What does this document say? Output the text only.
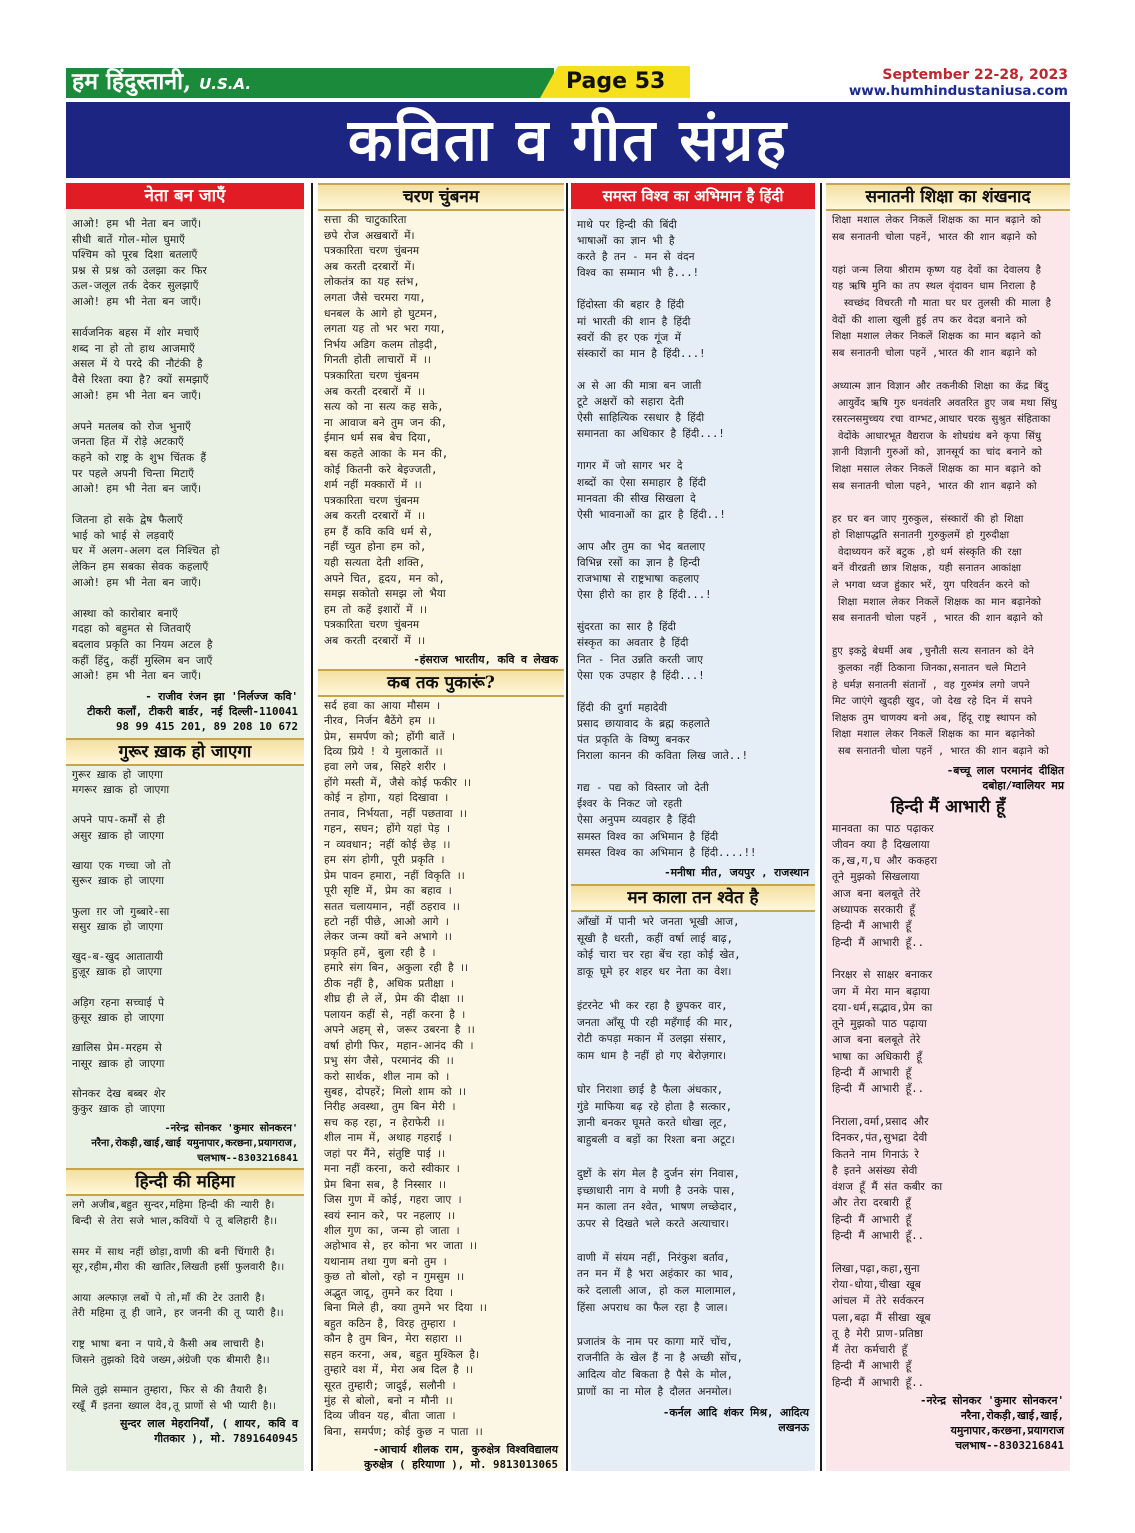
हम हिंदुस्तानी, U.S.A.	Page 53	September 22-28, 2023
www.humhindustaniusa.com
कविता व गीत संग्रह
नेता बन जाएँ
आओ! हम भी नेता बन जाएँ।
सीधी बातें गोल-मोल घुमाएँ
पश्चिम को पूरब दिशा बतलाएँ
प्रश्न से प्रश्न को उलझा कर फिर
ऊल-जलूल तर्क देकर सुलझाएँ
आओ! हम भी नेता बन जाएँ।

सार्वजनिक बहस में शोर मचाएँ
शब्द ना हो तो हाथ आजमाएँ
असल में ये परदे की नौटंकी है
वैसे रिश्ता क्या है? क्यों समझाएँ
आओ! हम भी नेता बन जाएँ।

अपने मतलब को रोज भुनाएँ
जनता हित में रोड़े अटकाएँ
कहने को राष्ट्र के शुभ चिंतक हैं
पर पहले अपनी चिन्ता मिटाएँ
आओ! हम भी नेता बन जाएँ।

जितना हो सके द्वेष फैलाएँ
भाई को भाई से लड़वाएँ
घर में अलग-अलग दल निश्चित हो
लेकिन हम सबका सेवक कहलाएँ
आओ! हम भी नेता बन जाएँ।

आस्था को कारोबार बनाएँ
गदहा को बहुमत से जितवाएँ
बदलाव प्रकृति का नियम अटल है
कहीं हिंदु, कहीं मुस्लिम बन जाएँ
आओ! हम भी नेता बन जाएँ।
- राजीव रंजन झा 'निर्लज्ज कवि'
टीकरी कलाँ, टीकरी बार्डर, नई दिल्ली-110041
98 99 415 201, 89 208 10 672
गुरूर ख़ाक हो जाएगा
गुरूर ख़ाक हो जाएगा
मगरूर ख़ाक हो जाएगा

अपने पाप-कर्मों से ही
असुर ख़ाक हो जाएगा

खाया एक गच्चा जो तो
सुरूर ख़ाक हो जाएगा

फुला ग़र जो गुब्बारे-सा
ससुर ख़ाक हो जाएगा

खुद-ब-खुद आतातायी
हुज़ूर ख़ाक हो जाएगा

अड़िग रहना सच्चाई पे
क़ुसूर ख़ाक हो जाएगा

ख़ालिस प्रेम-मरहम से
नासूर ख़ाक हो जाएगा

सोनकर देख बब्बर शेर
कुकुर ख़ाक हो जाएगा
-नरेन्द्र सोनकर 'कुमार सोनकरन'
नरैना,रोकड़ी,खाई,खाई यमुनापार,करछना,प्रयागराज,
चलभाष--8303216841
हिन्दी की महिमा
लगे अजीब,बहुत सुन्दर,महिमा हिन्दी की न्यारी है।
बिन्दी से तेरा सजे भाल,कवियों पे तू बलिहारी है।।

समर में साथ नहीं छोड़ा,वाणी की बनी चिंगारी है।
सूर,रहीम,मीरा की खातिर,लिखती हसीं फुलवारी है।।

आया अल्फाज़ लबों पे तो,माँ की टेर उतारी है।
तेरी महिमा तू ही जाने, हर जननी की तू प्यारी है।।

राष्ट्र भाषा बना न पाये,ये कैसी अब लाचारी है।
जिसने तुझको दिये जख्म,अंग्रेजी एक बीमारी है।।

मिले तुझे सम्मान तुम्हारा, फिर से की तैयारी है।
रखूँ मैं इतना ख्याल देव,तू प्राणों से भी प्यारी है।।
सुन्दर लाल मेहरानियाँ, ( शायर, कवि व
गीतकार ), मो. 7891640945
चरण चुंबनम
सत्ता की चाटुकारिता
छपे रोज अखबारों में।
पत्रकारिता चरण चुंबनम
अब करती दरबारों में।
लोकतंत्र का यह स्तंभ,
लगता जैसे चरमरा गया,
धनबल के आगे हो घुटमन,
लगता यह तो भर भरा गया,
निर्भय अडिग कलम तोड़दी,
गिनती होती लाचारों में ।।
पत्रकारिता चरण चुंबनम
अब करती दरबारों में ।।
सत्य को ना सत्य कह सके,
ना आवाज बने तुम जन की,
ईमान धर्म सब बेच दिया,
बस कहते आका के मन की,
कोई कितनी करे बेइज्जती,
शर्म नहीं मक्कारों में ।।
पत्रकारिता चरण चुंबनम
अब करती दरबारों में ।।
हम हैं कवि कवि धर्म से,
नहीं च्युत होना हम को,
यही सत्यता देती शक्ति,
अपने चित, हृदय, मन को,
समझ सकोतो समझ लो भैया
हम तो कहें इशारों में ।।
पत्रकारिता चरण चुंबनम
अब करती दरबारों में ।।
-हंसराज भारतीय, कवि व लेखक
कब तक पुकारूं?
सर्द हवा का आया मौसम ।
नीरव, निर्जन बैठेंगे हम ।।
प्रेम, समर्पण को; होंगी बातें ।
दिव्य प्रिये ! ये मुलाकातें ।।
हवा लगे जब, सिहरे शरीर ।
होंगे मस्ती में, जैसे कोई फकीर ।।
कोई न होगा, यहां दिखावा ।
तनाव, निर्भयता, नहीं पछतावा ।।
गहन, सघन; होंगे यहां पेड़ ।
न व्यवधान; नहीं कोई छेड़ ।।
हम संग होगी, पूरी प्रकृति ।
प्रेम पावन हमारा, नहीं विकृति ।।
पूरी सृष्टि में, प्रेम का बहाव ।
सतत चलायमान, नहीं ठहराव ।।
हटो नहीं पीछे, आओ आगे ।
लेकर जन्म क्यों बने अभागे ।।
प्रकृति हमें, बुला रही है ।
हमारे संग बिन, अकुला रही है ।।
ठीक नहीं है, अधिक प्रतीक्षा ।
शीघ्र ही ले लें, प्रेम की दीक्षा ।।
पलायन कहीं से, नहीं करना है ।
अपने अहम् से, जरूर उबरना है ।।
वर्षा होगी फिर, महान-आनंद की ।
प्रभु संग जैसे, परमानंद की ।।
करो सार्थक, शील नाम को ।
सुबह, दोपहरें; मिलो शाम को ।।
निरीह अवस्था, तुम बिन मेरी ।
सच कह रहा, न हेराफेरी ।।
शील नाम में, अथाह गहराई ।
जहां पर मैंने, संतुष्टि पाई ।।
मना नहीं करना, करो स्वीकार ।
प्रेम बिना सब, है निस्सार ।।
जिस गुण में कोई, गहरा जाए ।
स्वयं स्नान करे, पर नहलाए ।।
शील गुण का, जन्म हो जाता ।
अहोभाव से, हर कोना भर जाता ।।
यथानाम तथा गुण बनो तुम ।
कुछ तो बोलो, रहो न गुमसुम ।।
अद्भुत जादू, तुमने कर दिया ।
बिना मिले ही, क्या तुमने भर दिया ।।
बहुत कठिन है, विरह तुम्हारा ।
कौन है तुम बिन, मेरा सहारा ।।
सहन करना, अब, बहुत मुश्किल है।
तुम्हारे वश में, मेरा अब दिल है ।।
सूरत तुम्हारी; जादुई, सलौनी ।
मुंह से बोलो, बनो न मौनी ।।
दिव्य जीवन यह, बीता जाता ।
बिना, समर्पण; कोई कुछ न पाता ।।
-आचार्य शीलक राम, कुरुक्षेत्र विश्वविद्यालय
कुरुक्षेत्र ( हरियाणा ), मो. 9813013065
समस्त विश्व का अभिमान है हिंदी
माथे पर हिन्दी की बिंदी
भाषाओं का ज्ञान भी है
करते है तन - मन से वंदन
विश्व का सम्मान भी है...!

हिंदोस्ता की बहार है हिंदी
मां भारती की शान है हिंदी
स्वरों की हर एक गूंज में
संस्कारों का मान है हिंदी...!

अ से आ की मात्रा बन जाती
टूटे अक्षरों को सहारा देती
ऐसी साहित्यिक रसधार है हिंदी
समानता का अधिकार है हिंदी...!

गागर में जो सागर भर दे
शब्दों का ऐसा समाहार है हिंदी
मानवता की सीख सिखला दे
ऐसी भावनाओं का द्वार है हिंदी..!

आप और तुम का भेद बतलाए
विभिन्न रसों का ज्ञान है हिन्दी
राजभाषा से राष्ट्रभाषा कहलाए
ऐसा हीरो का हार है हिंदी...!

सुंदरता का सार है हिंदी
संस्कृत का अवतार है हिंदी
नित - नित उन्नति करती जाए
ऐसा एक उपहार है हिंदी...!

हिंदी की दुर्गा महादेवी
प्रसाद छायावाद के ब्रह्म कहलाते
पंत प्रकृति के विष्णु बनकर
निराला कानन की कविता लिख जाते..!

गद्य - पद्य को विस्तार जो देती
ईश्वर के निकट जो रहती
ऐसा अनुपम व्यवहार है हिंदी
समस्त विश्व का अभिमान है हिंदी
समस्त विश्व का अभिमान है हिंदी....!!
-मनीषा मीत, जयपुर , राजस्थान
मन काला तन श्वेत है
आँखों में पानी भरे जनता भूखी आज,
सूखी है धरती, कहीं वर्षा लाई बाढ़,
कोई चारा चर रहा बेंच रहा कोई खेत,
डाकू घूमे हर शहर धर नेता का वेश।

इंटरनेट भी कर रहा है छुपकर वार,
जनता आँसू पी रही महँगाई की मार,
रोटी कपड़ा मकान में उलझा संसार,
काम धाम है नहीं हो गए बेरोज़गार।

घोर निराशा छाई है फैला अंधकार,
गुंडे माफिया बढ़ रहे होता है सत्कार,
ज्ञानी बनकर घूमते करते धोखा लूट,
बाहुबली व बड़ों का रिश्ता बना अटूट।

दुष्टों के संग मेल है दुर्जन संग निवास,
इच्छाधारी नाग वे मणी है उनके पास,
मन काला तन श्वेत, भाषण लच्छेदार,
ऊपर से दिखते भले करते अत्याचार।

वाणी में संयम नहीं, निरंकुश बर्ताव,
तन मन में है भरा अहंकार का भाव,
करे दलाली आज, हो कल मालामाल,
हिंसा अपराध का फैल रहा है जाल।

प्रजातंत्र के नाम पर कागा मारें चोंच,
राजनीति के खेल हैं ना है अच्छी सोंच,
आदित्य वोट बिकता है पैसे के मोल,
प्राणों का ना मोल है दौलत अनमोल।
-कर्नल आदि शंकर मिश्र, आदित्य
लखनऊ
सनातनी शिक्षा का शंखनाद
शिक्षा मशाल लेकर निकलें शिक्षक का मान बढ़ाने को
सब सनातनी चोला पहनें, भारत की शान बढ़ाने को

यहां जन्म लिया श्रीराम कृष्ण यह देवों का देवालय है
यह ऋषि मुनि का तप स्थल वृंदावन धाम निराला है
स्वच्छंद विचरती गौ माता घर घर तुलसी की माला है
वेदों की शाला खुली हुई तप कर वेदज्ञ बनाने को
शिक्षा मशाल लेकर निकलें शिक्षक का मान बढ़ाने को
सब सनातनी चोला पहनें ,भारत की शान बढ़ाने को

अध्यात्म ज्ञान विज्ञान और तकनीकी शिक्षा का केंद्र बिंदु
आयुर्वेद ऋषि गुरु धनवंतरि अवतरित हुए जब मथा सिंधु
रसरत्नसमुच्चय रचा वाग्भट,आधार चरक सुश्रुत संहिताका
वेदोंके आधारभूत वैद्यराज के शोधग्रंथ बने कृपा सिंधु
ज्ञानी विज्ञानी गुरुओं को, ज्ञानसूर्य का चांद बनाने को
शिक्षा मसाल लेकर निकलें शिक्षक का मान बढ़ाने को
सब सनातनी चोला पहने, भारत की शान बढ़ाने को

हर घर बन जाए गुरुकुल, संस्कारों की हो शिक्षा
हो शिक्षापद्धति सनातनी गुरुकुलमें हो गुरुदीक्षा
वेदाध्ययन करें बटुक ,हो धर्म संस्कृति की रक्षा
बनें वीरव्रती छात्र शिक्षक, यही सनातन आकांक्षा
ले भगवा ध्वज हुंकार भरें, युग परिवर्तन करने को
शिक्षा मशाल लेकर निकलें शिक्षक का मान बढ़ानेको
सब सनातनी चोला पहनें , भारत की शान बढ़ाने को

हुए इकट्ठे बेधर्मी अब ,चुनौती सत्य सनातन को देने
कुलका नहीं ठिकाना जिनका,सनातन चले मिटाने
हे धर्मज्ञ सनातनी संतानों , वह गुरुमंत्र लगो जपने
मिट जाएंगे खुदही खुद, जो देख रहे दिन में सपने
शिक्षक तुम चाणक्य बनो अब, हिंदू राष्ट्र स्थापन को
शिक्षा मशाल लेकर निकलें शिक्षक का मान बढ़ानेको
सब सनातनी चोला पहनें , भारत की शान बढ़ाने को
-बच्चू लाल परमानंद दीक्षित
दबोहा/ग्वालियर मप्र
हिन्दी मैं आभारी हूँ
मानवता का पाठ पढ़ाकर
जीवन क्या है दिखलाया
क,ख,ग,घ और ककहरा
तूने मुझको सिखलाया
आज बना बलबूते तेरे
अध्यापक सरकारी हूँ
हिन्दी मैं आभारी हूँ
हिन्दी मैं आभारी हूँ..

निरक्षर से साक्षर बनाकर
जग में मेरा मान बढ़ाया
दया-धर्म,सद्भाव,प्रेम का
तूने मुझको पाठ पढ़ाया
आज बना बलबूते तेरे
भाषा का अधिकारी हूँ
हिन्दी मैं आभारी हूँ
हिन्दी मैं आभारी हूँ..

निराला,वर्मा,प्रसाद और
दिनकर,पंत,सुभद्रा देवी
कितने नाम गिनाऊं रे
है इतने असंख्य सेवी
वंशज हूँ मैं संत कबीर का
और तेरा दरबारी हूँ
हिन्दी मैं आभारी हूँ
हिन्दी मैं आभारी हूँ..

लिखा,पढ़ा,कहा,सुना
रोया-धोया,चीखा खूब
आंचल में तेरे सर्वकरन
पला,बढ़ा मैं सीखा खूब
तू है मेरी प्राण-प्रतिष्ठा
मैं तेरा कर्मचारी हूँ
हिन्दी मैं आभारी हूँ
हिन्दी मैं आभारी हूँ..
-नरेन्द्र सोनकर 'कुमार सोनकरन'
नरैना,रोकड़ी,खाई,खाई,
यमुनापार,करछना,प्रयागराज
चलभाष--8303216841
